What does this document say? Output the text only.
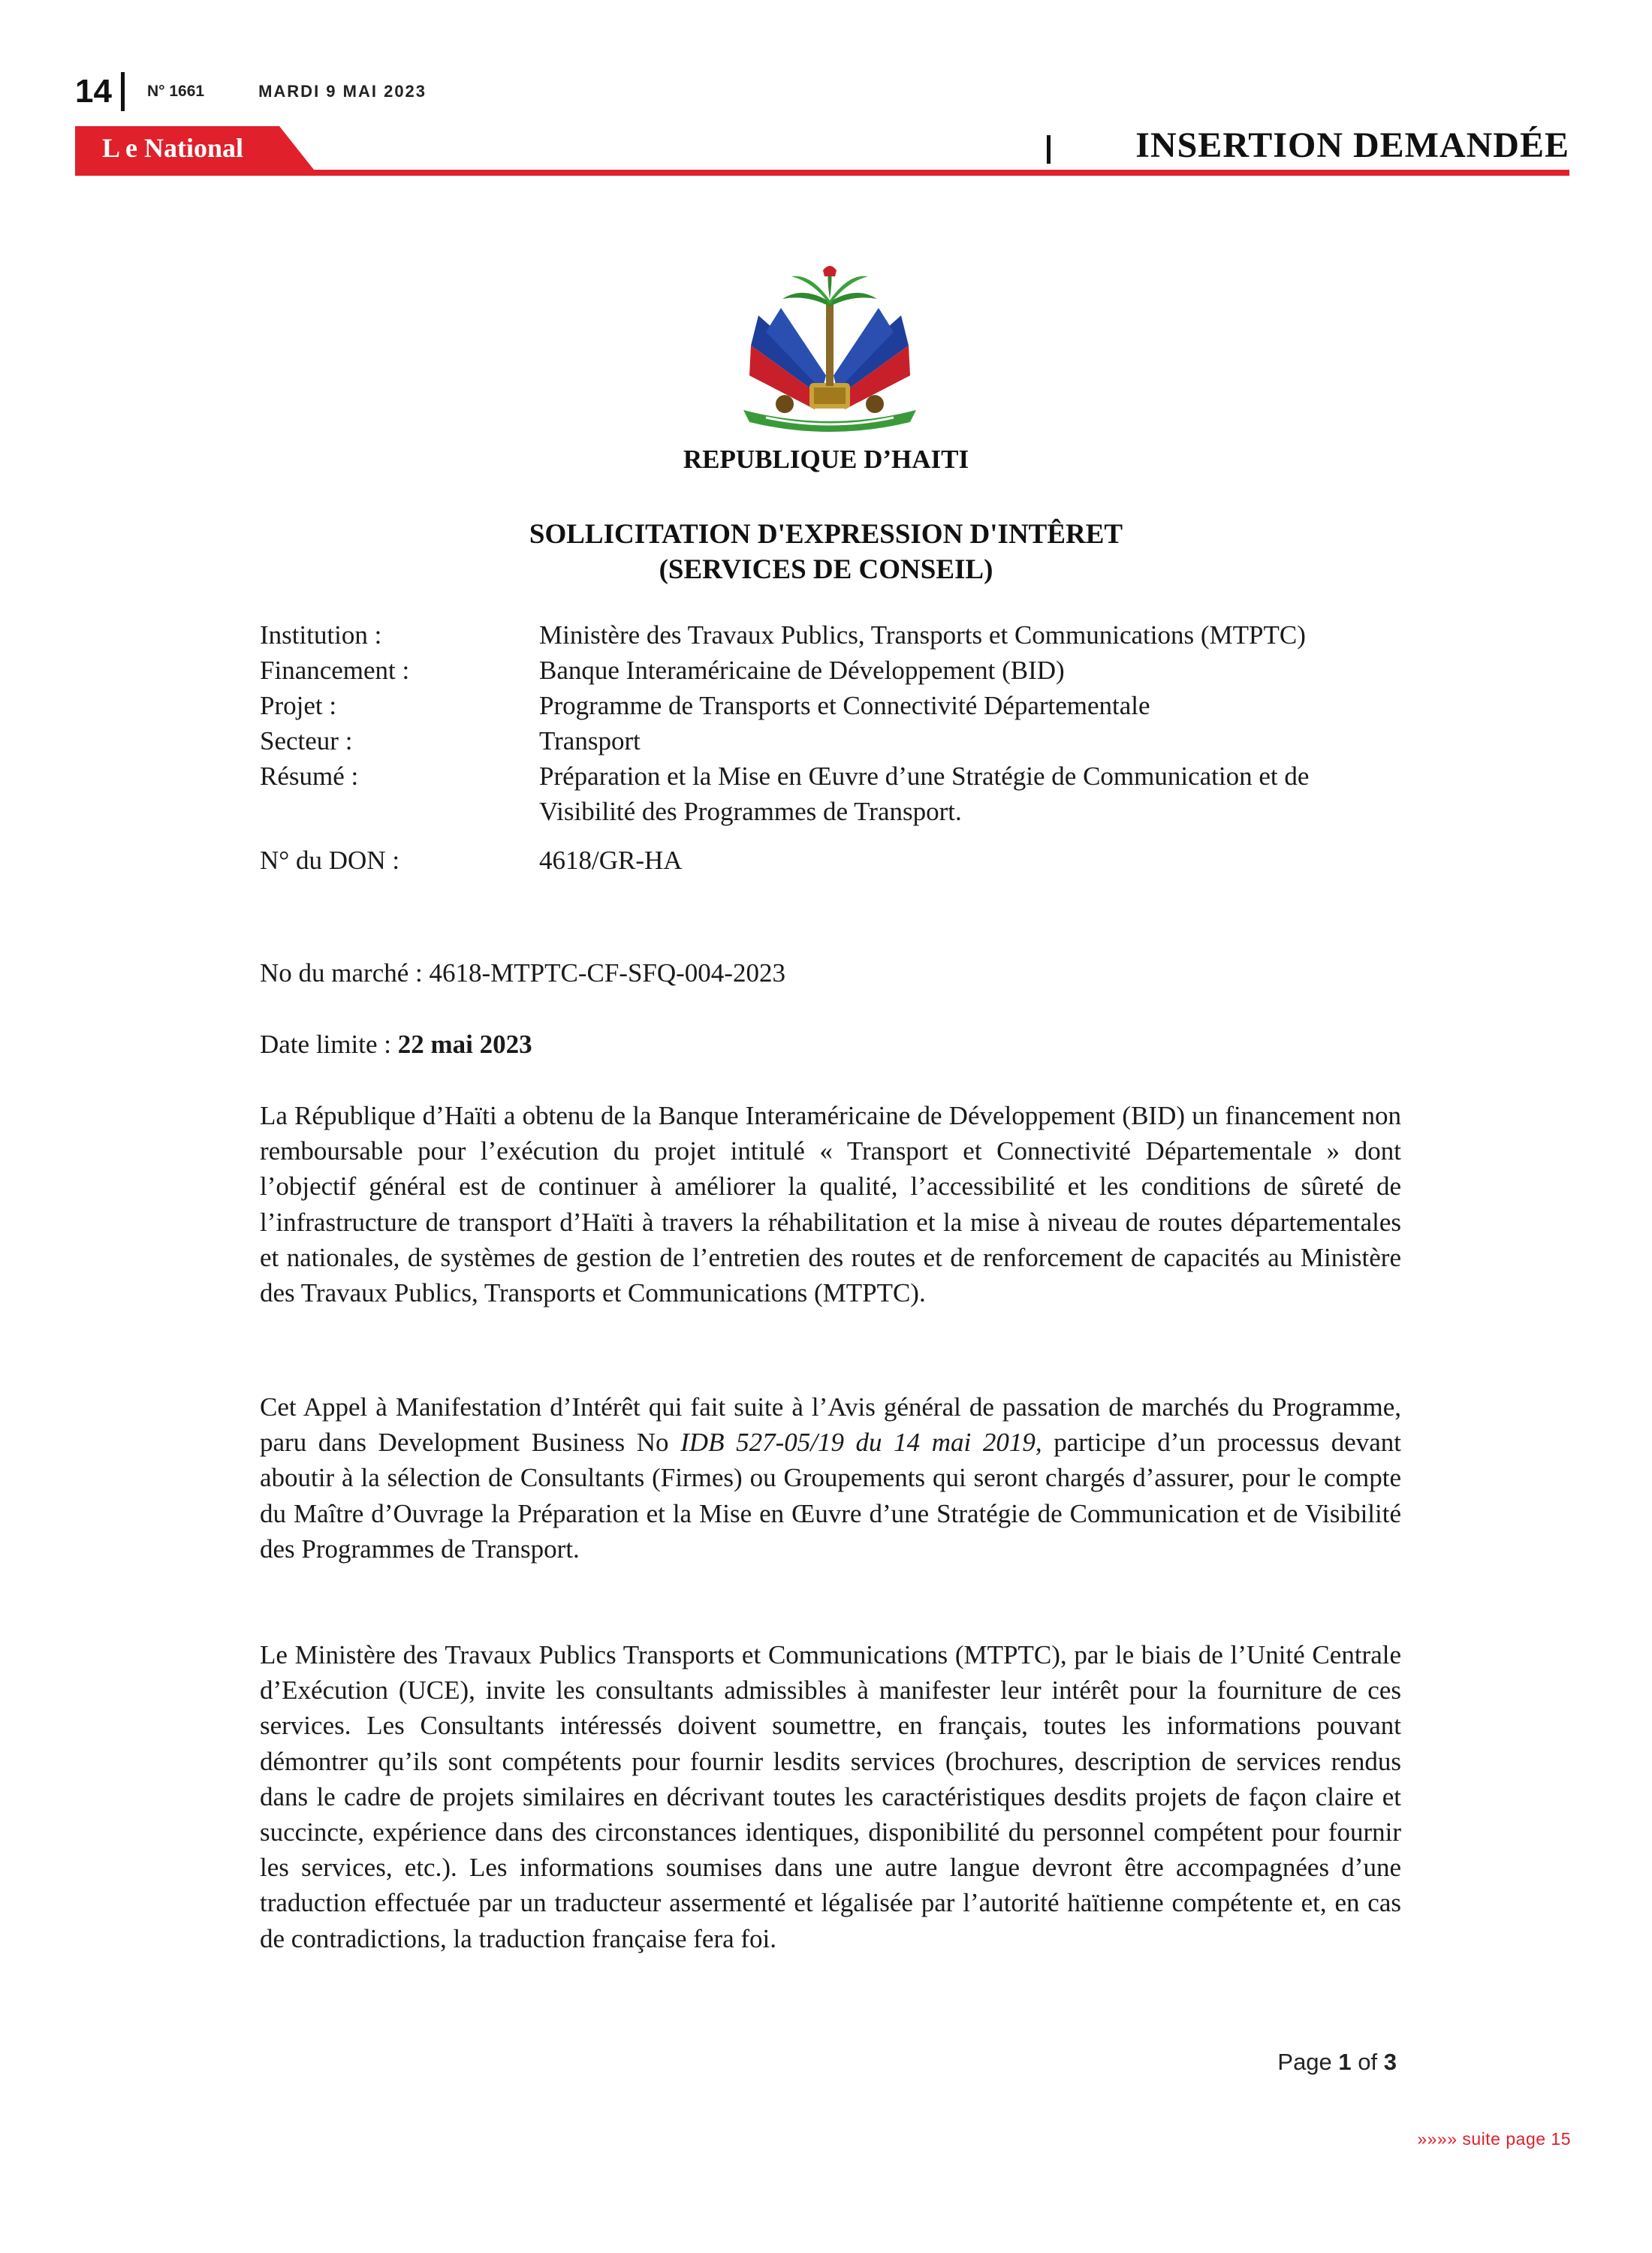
14 N° 1661	MARDI 9 MAI 2023
L e National	INSERTION DEMANDÉE
REPUBLIQUE D’HAITI
SOLLICITATION D'EXPRESSION D'INTÊRET
(SERVICES DE CONSEIL)
Institution :	Ministère des Travaux Publics, Transports et Communications (MTPTC)
Financement :	Banque Interaméricaine de Développement (BID)
Projet :	Programme de Transports et Connectivité Départementale
Secteur :	Transport
Résumé :	Préparation et la Mise en Œuvre d’une Stratégie de Communication et de Visibilité des Programmes de Transport.
N° du DON :	4618/GR-HA
No du marché : 4618-MTPTC-CF-SFQ-004-2023
Date limite : 22 mai 2023
La République d’Haïti a obtenu de la Banque Interaméricaine de Développement (BID) un financement non remboursable pour l’exécution du projet intitulé « Transport et Connectivité Départementale » dont l’objectif général est de continuer à améliorer la qualité, l’accessibilité et les conditions de sûreté de l’infrastructure de transport d’Haïti à travers la réhabilitation et la mise à niveau de routes départementales et nationales, de systèmes de gestion de l’entretien des routes et de renforcement de capacités au Ministère des Travaux Publics, Transports et Communications (MTPTC).
Cet Appel à Manifestation d’Intérêt qui fait suite à l’Avis général de passation de marchés du Programme, paru dans Development Business No IDB 527-05/19 du 14 mai 2019, participe d’un processus devant aboutir à la sélection de Consultants (Firmes) ou Groupements qui seront chargés d’assurer, pour le compte du Maître d’Ouvrage la Préparation et la Mise en Œuvre d’une Stratégie de Communication et de Visibilité des Programmes de Transport.
Le Ministère des Travaux Publics Transports et Communications (MTPTC), par le biais de l’Unité Centrale d’Exécution (UCE), invite les consultants admissibles à manifester leur intérêt pour la fourniture de ces services. Les Consultants intéressés doivent soumettre, en français, toutes les informations pouvant démontrer qu’ils sont compétents pour fournir lesdits services (brochures, description de services rendus dans le cadre de projets similaires en décrivant toutes les caractéristiques desdits projets de façon claire et succincte, expérience dans des circonstances identiques, disponibilité du personnel compétent pour fournir les services, etc.). Les informations soumises dans une autre langue devront être accompagnées d’une traduction effectuée par un traducteur assermenté et légalisée par l’autorité haïtienne compétente et, en cas de contradictions, la traduction française fera foi.
Page 1 of 3
»»»» suite page 15
